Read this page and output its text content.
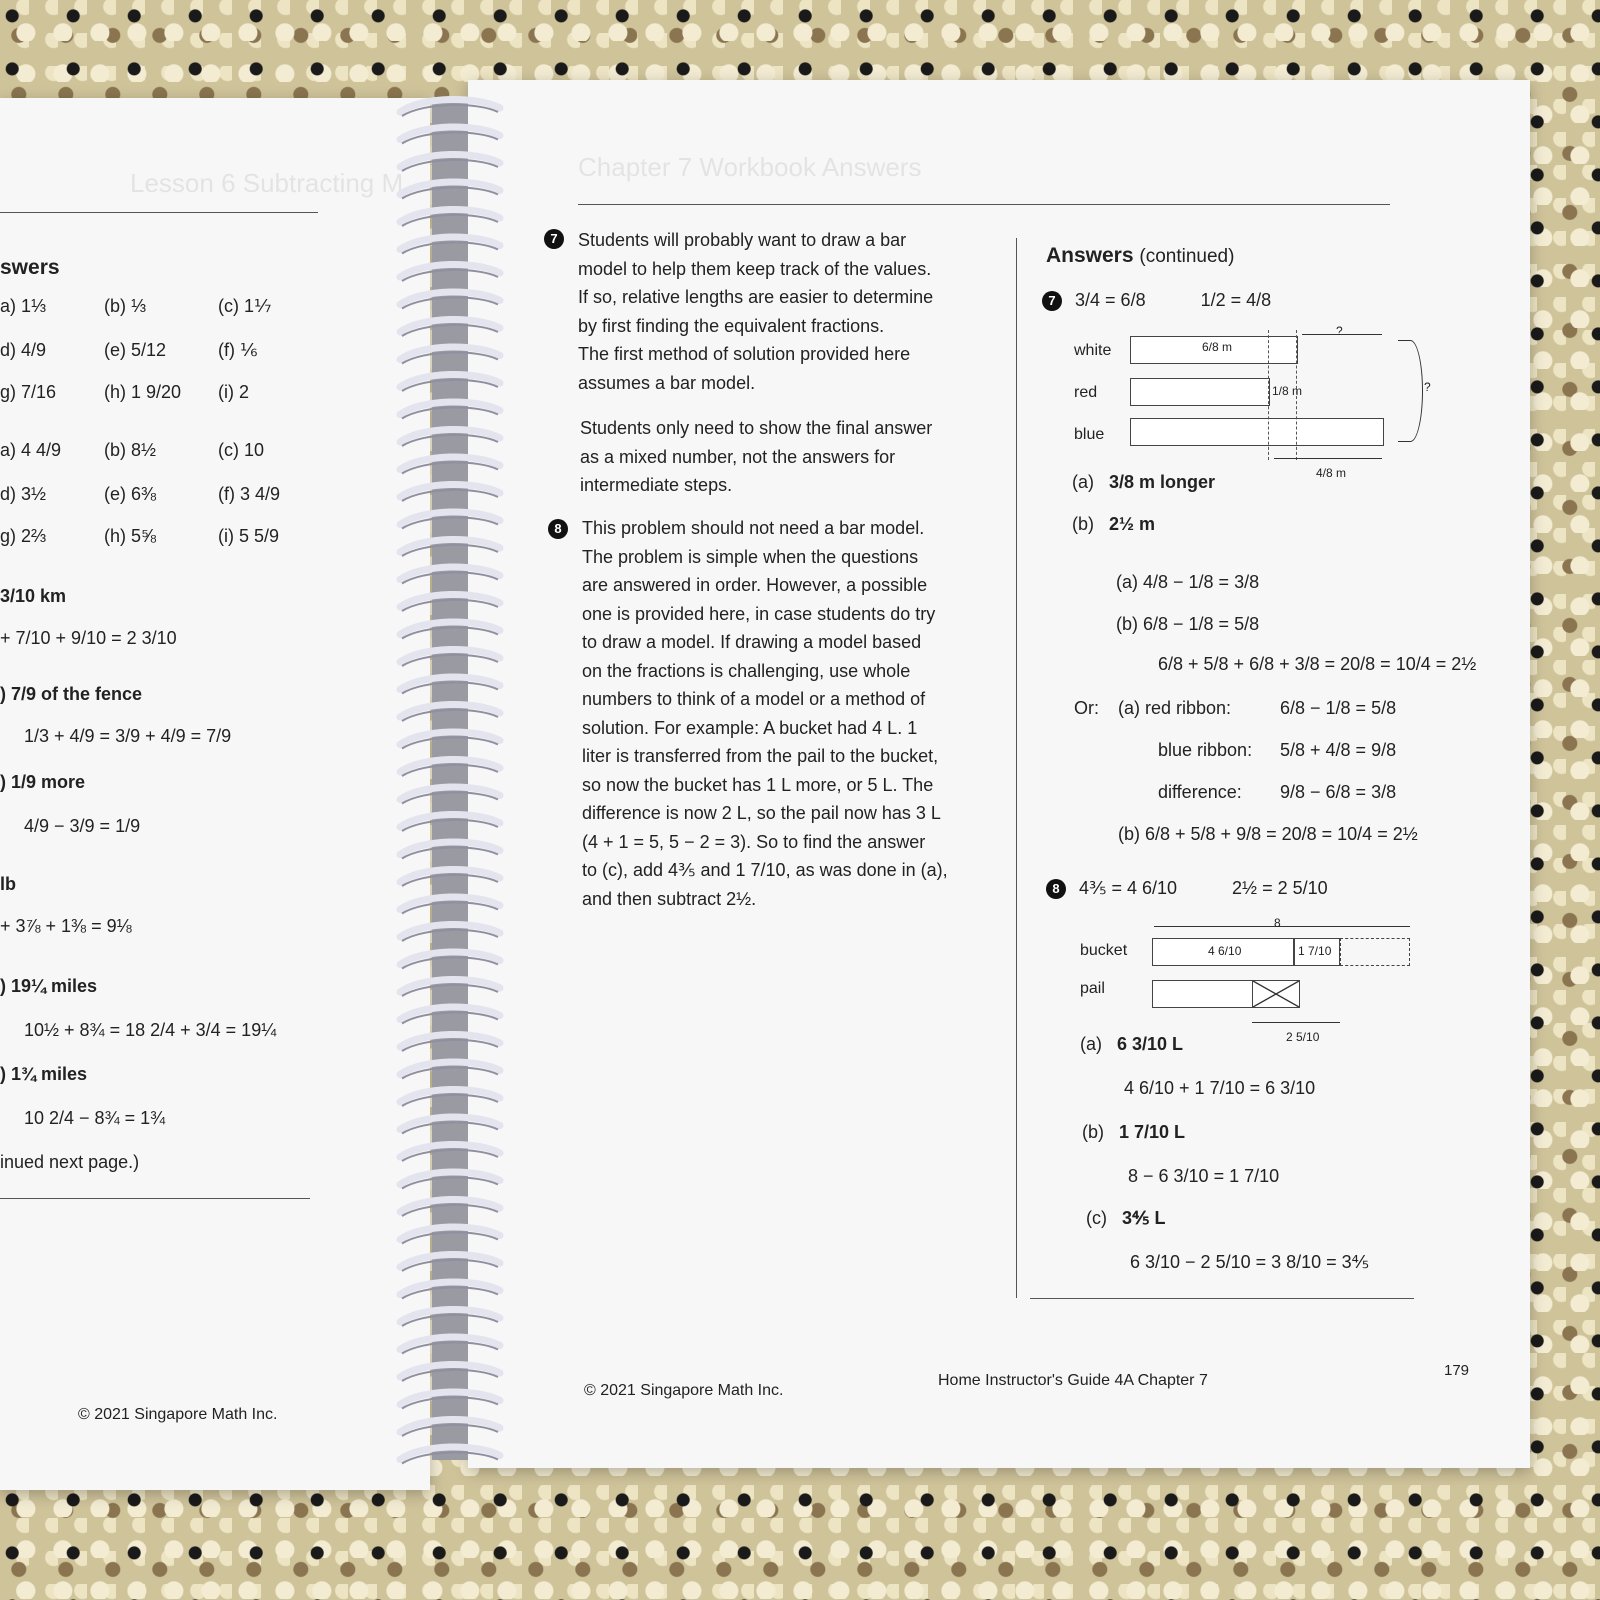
Lesson 6 Subtracting M
swers
a) 1⅓	(b) ⅓	(c) 1⅐
d) 4/9	(e) 5/12	(f) ⅙
g) 7/16	(h) 1 9/20 (i) 2
a) 4 4/9 (b) 8½	(c) 10
d) 3½	(e) 6⅜	(f) 3 4/9
g) 2⅔	(h) 5⅝	(i) 5 5/9
3/10 km
+ 7/10 + 9/10 = 2 3/10
) 7/9 of the fence
1/3 + 4/9 = 3/9 + 4/9 = 7/9
) 1/9 more
4/9 − 3/9 = 1/9
lb
+ 3⅞ + 1⅜ = 9⅛
) 19¼ miles
10½ + 8¾ = 18 2/4 + 3/4 = 19¼
) 1¾ miles
10 2/4 − 8¾ = 1¾
inued next page.)
© 2021 Singapore Math Inc.
Chapter 7 Workbook Answers
7	Students will probably want to draw a bar
model to help them keep track of the values.
If so, relative lengths are easier to determine
by first finding the equivalent fractions.
The first method of solution provided here
assumes a bar model.
Students only need to show the final answer
as a mixed number, not the answers for
intermediate steps.
8	This problem should not need a bar model.
The problem is simple when the questions
are answered in order. However, a possible
one is provided here, in case students do try
to draw a model. If drawing a model based
on the fractions is challenging, use whole
numbers to think of a model or a method of
solution. For example: A bucket had 4 L. 1
liter is transferred from the pail to the bucket,
so now the bucket has 1 L more, or 5 L. The
difference is now 2 L, so the pail now has 3 L
(4 + 1 = 5, 5 − 2 = 3). So to find the answer
to (c), add 4⅗ and 1 7/10, as was done in (a),
and then subtract 2½.
Answers (continued)
7 3/4 = 6/8	1/2 = 4/8
white
red
blue
6/8 m
1/8 m
?
?
4/8 m
(a) 3/8 m longer
(b) 2½ m
(a) 4/8 − 1/8 = 3/8
(b) 6/8 − 1/8 = 5/8
6/8 + 5/8 + 6/8 + 3/8 = 20/8 = 10/4 = 2½
Or: (a) red ribbon:	6/8 − 1/8 = 5/8
blue ribbon: 5/8 + 4/8 = 9/8
difference: 9/8 − 6/8 = 3/8
(b) 6/8 + 5/8 + 9/8 = 20/8 = 10/4 = 2½
8 4⅗ = 4 6/10	2½ = 2 5/10
8
bucket
pail
4 6/10	1 7/10
2 5/10
(a) 6 3/10 L
4 6/10 + 1 7/10 = 6 3/10
(b) 1 7/10 L
8 − 6 3/10 = 1 7/10
(c) 3⅘ L
6 3/10 − 2 5/10 = 3 8/10 = 3⅘
© 2021 Singapore Math Inc.
Home Instructor's Guide 4A Chapter 7
179
